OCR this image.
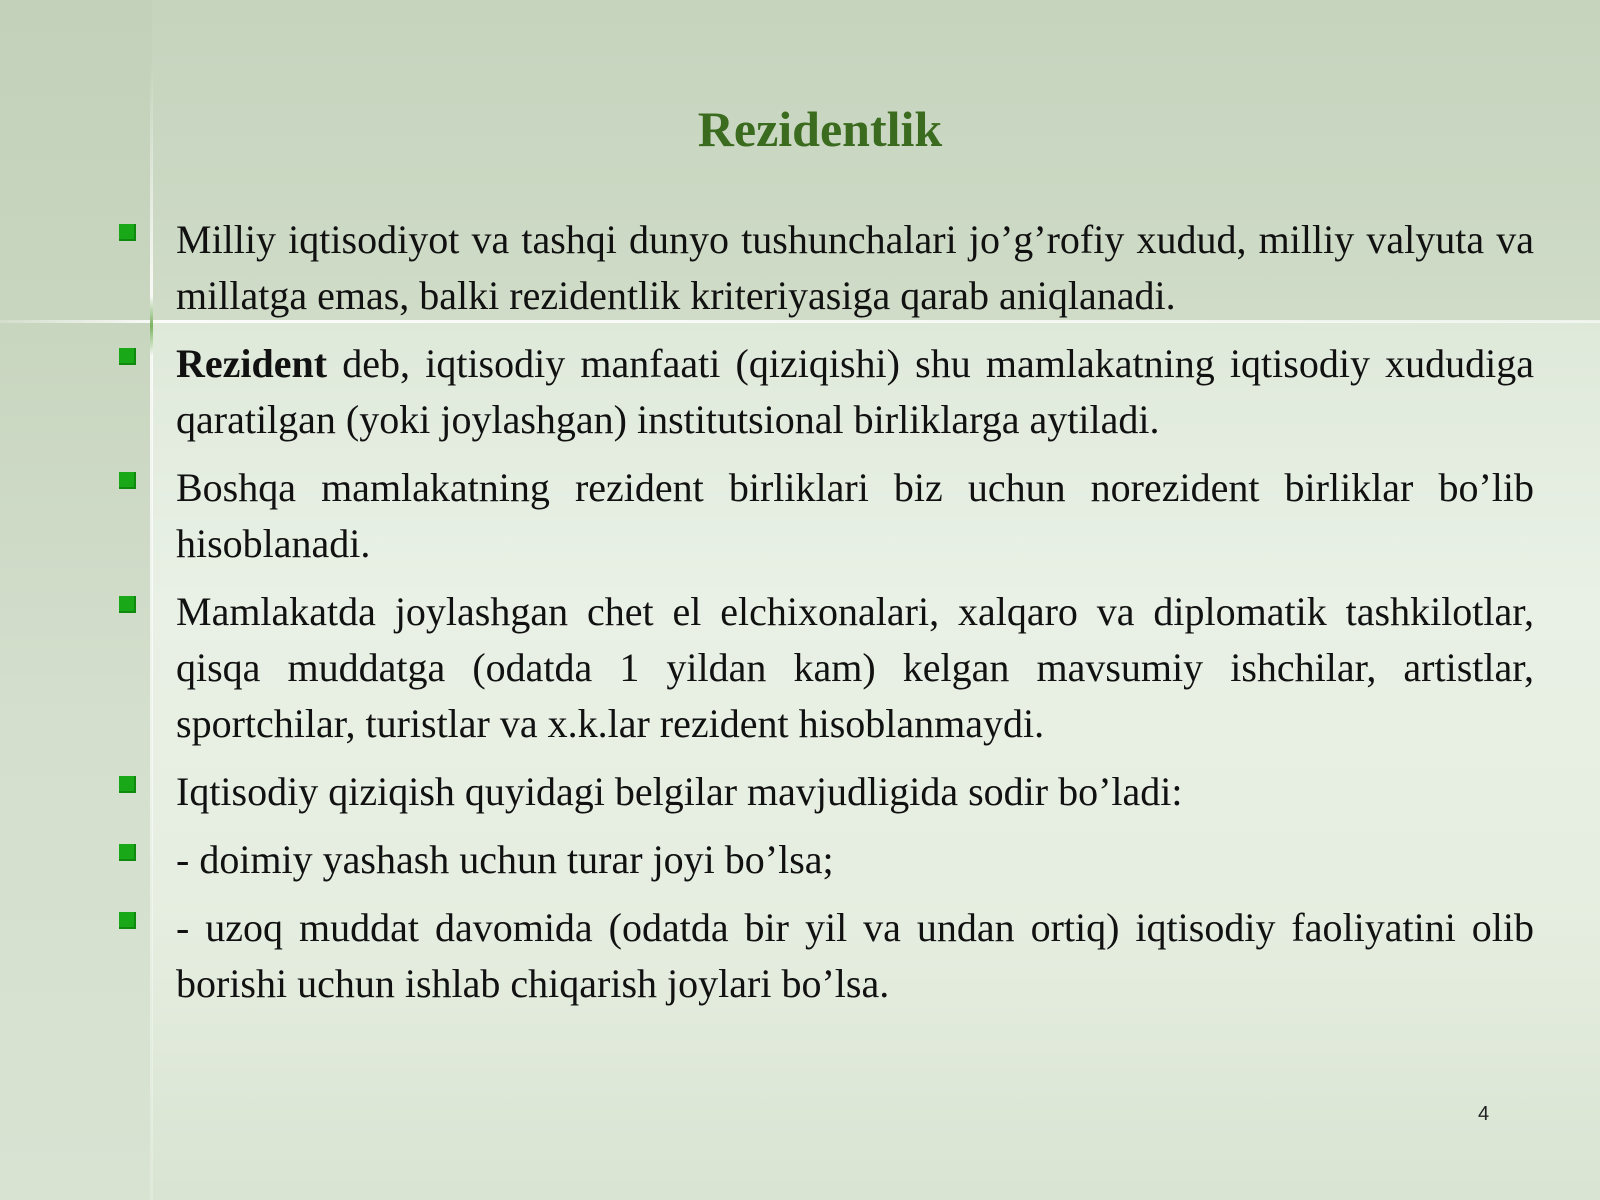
Rezidentlik
Milliy iqtisodiyot va tashqi dunyo tushunchalari jo’g’rofiy xudud, milliy valyuta va millatga emas, balki rezidentlik kriteriyasiga qarab aniqlanadi.
Rezident deb, iqtisodiy manfaati (qiziqishi) shu mamlakatning iqtisodiy xududiga qaratilgan (yoki joylashgan) institutsional birliklarga aytiladi.
Boshqa mamlakatning rezident birliklari biz uchun norezident birliklar bo’lib hisoblanadi.
Mamlakatda joylashgan chet el elchixonalari, xalqaro va diplomatik tashkilotlar, qisqa muddatga (odatda 1 yildan kam) kelgan mavsumiy ishchilar, artistlar, sportchilar, turistlar va x.k.lar rezident hisoblanmaydi.
Iqtisodiy qiziqish quyidagi belgilar mavjudligida sodir bo’ladi:
- doimiy yashash uchun turar joyi bo’lsa;
- uzoq muddat davomida (odatda bir yil va undan ortiq) iqtisodiy faoliyatini olib borishi uchun ishlab chiqarish joylari bo’lsa.
4
